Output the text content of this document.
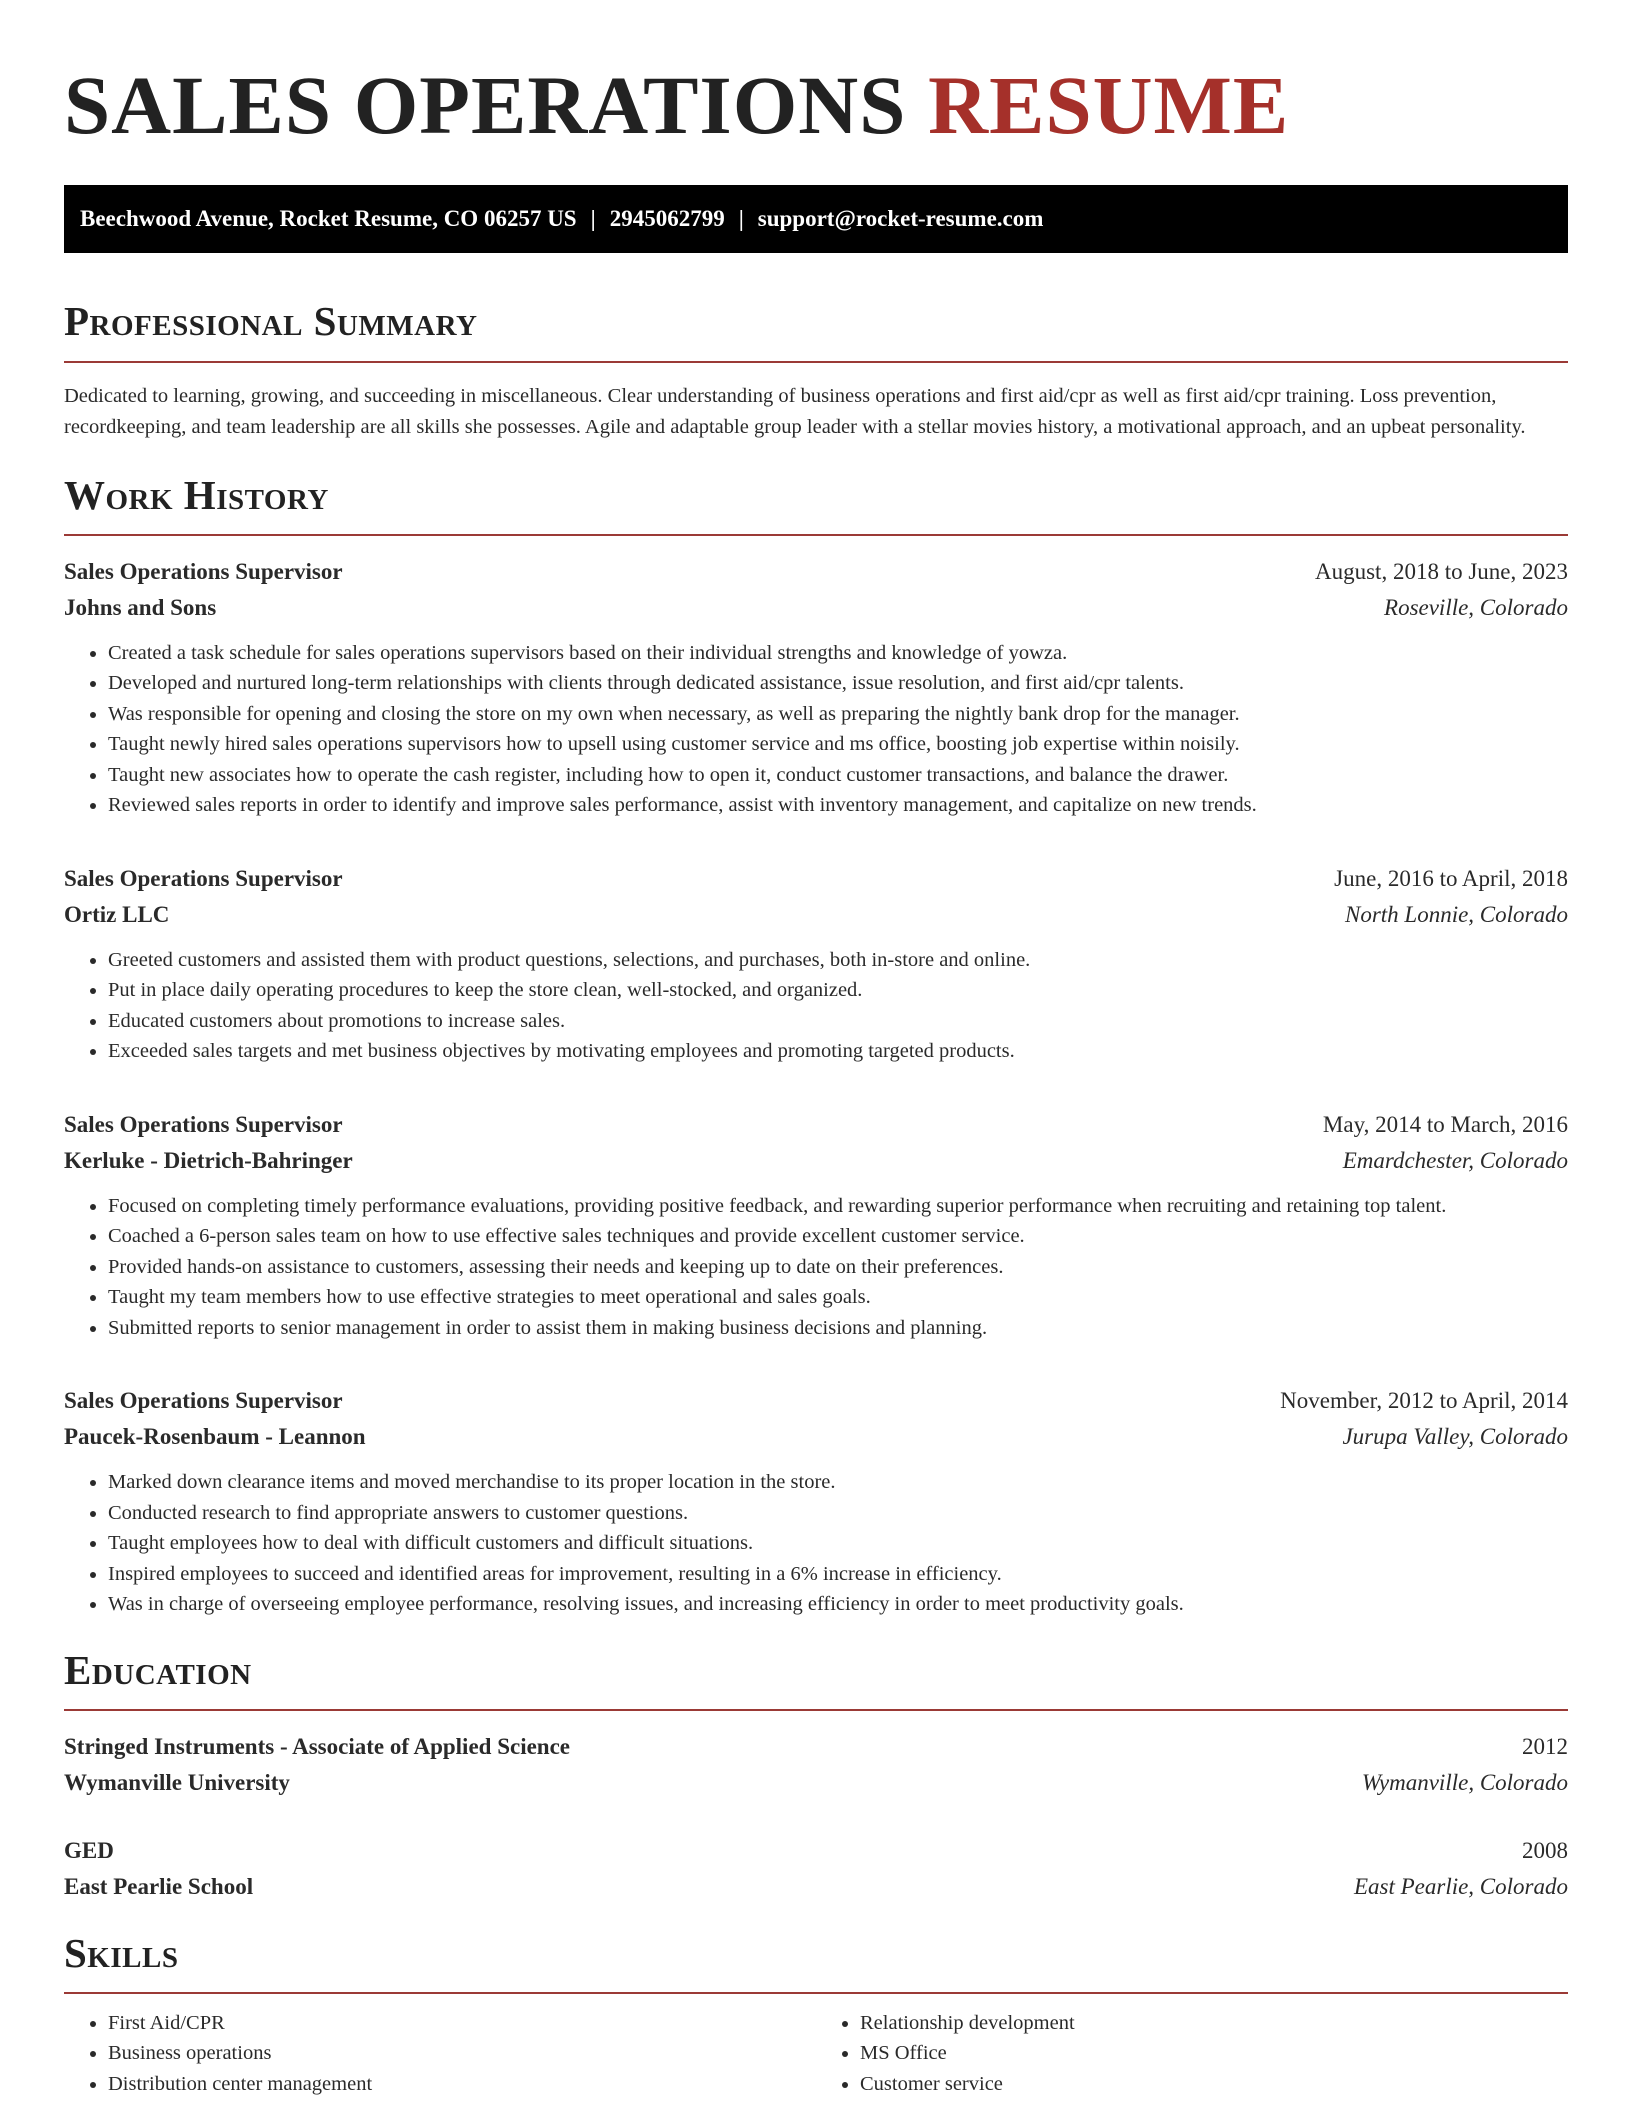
SALES OPERATIONS RESUME
Beechwood Avenue, Rocket Resume, CO 06257 US | 2945062799 | support@rocket-resume.com
Professional Summary

Dedicated to learning, growing, and succeeding in miscellaneous. Clear understanding of business operations and first aid/cpr as well as first aid/cpr training. Loss prevention, recordkeeping, and team leadership are all skills she possesses. Agile and adaptable group leader with a stellar movies history, a motivational approach, and an upbeat personality.

Work History
Sales Operations Supervisor	August, 2018 to June, 2023
Johns and Sons	Roseville, Colorado
• Created a task schedule for sales operations supervisors based on their individual strengths and knowledge of yowza.
• Developed and nurtured long-term relationships with clients through dedicated assistance, issue resolution, and first aid/cpr talents.
• Was responsible for opening and closing the store on my own when necessary, as well as preparing the nightly bank drop for the manager.
• Taught newly hired sales operations supervisors how to upsell using customer service and ms office, boosting job expertise within noisily.
• Taught new associates how to operate the cash register, including how to open it, conduct customer transactions, and balance the drawer.
• Reviewed sales reports in order to identify and improve sales performance, assist with inventory management, and capitalize on new trends.
Sales Operations Supervisor	June, 2016 to April, 2018
Ortiz LLC	North Lonnie, Colorado
• Greeted customers and assisted them with product questions, selections, and purchases, both in-store and online.
• Put in place daily operating procedures to keep the store clean, well-stocked, and organized.
• Educated customers about promotions to increase sales.
• Exceeded sales targets and met business objectives by motivating employees and promoting targeted products.
Sales Operations Supervisor	May, 2014 to March, 2016
Kerluke - Dietrich-Bahringer	Emardchester, Colorado
• Focused on completing timely performance evaluations, providing positive feedback, and rewarding superior performance when recruiting and retaining top talent.
• Coached a 6-person sales team on how to use effective sales techniques and provide excellent customer service.
• Provided hands-on assistance to customers, assessing their needs and keeping up to date on their preferences.
• Taught my team members how to use effective strategies to meet operational and sales goals.
• Submitted reports to senior management in order to assist them in making business decisions and planning.
Sales Operations Supervisor	November, 2012 to April, 2014
Paucek-Rosenbaum - Leannon	Jurupa Valley, Colorado
• Marked down clearance items and moved merchandise to its proper location in the store.
• Conducted research to find appropriate answers to customer questions.
• Taught employees how to deal with difficult customers and difficult situations.
• Inspired employees to succeed and identified areas for improvement, resulting in a 6% increase in efficiency.
• Was in charge of overseeing employee performance, resolving issues, and increasing efficiency in order to meet productivity goals.
Education
Stringed Instruments - Associate of Applied Science	2012
Wymanville University	Wymanville, Colorado
GED	2008
East Pearlie School	East Pearlie, Colorado
Skills
• First Aid/CPR
• Business operations
• Distribution center management
• Relationship development
• MS Office
• Customer service
